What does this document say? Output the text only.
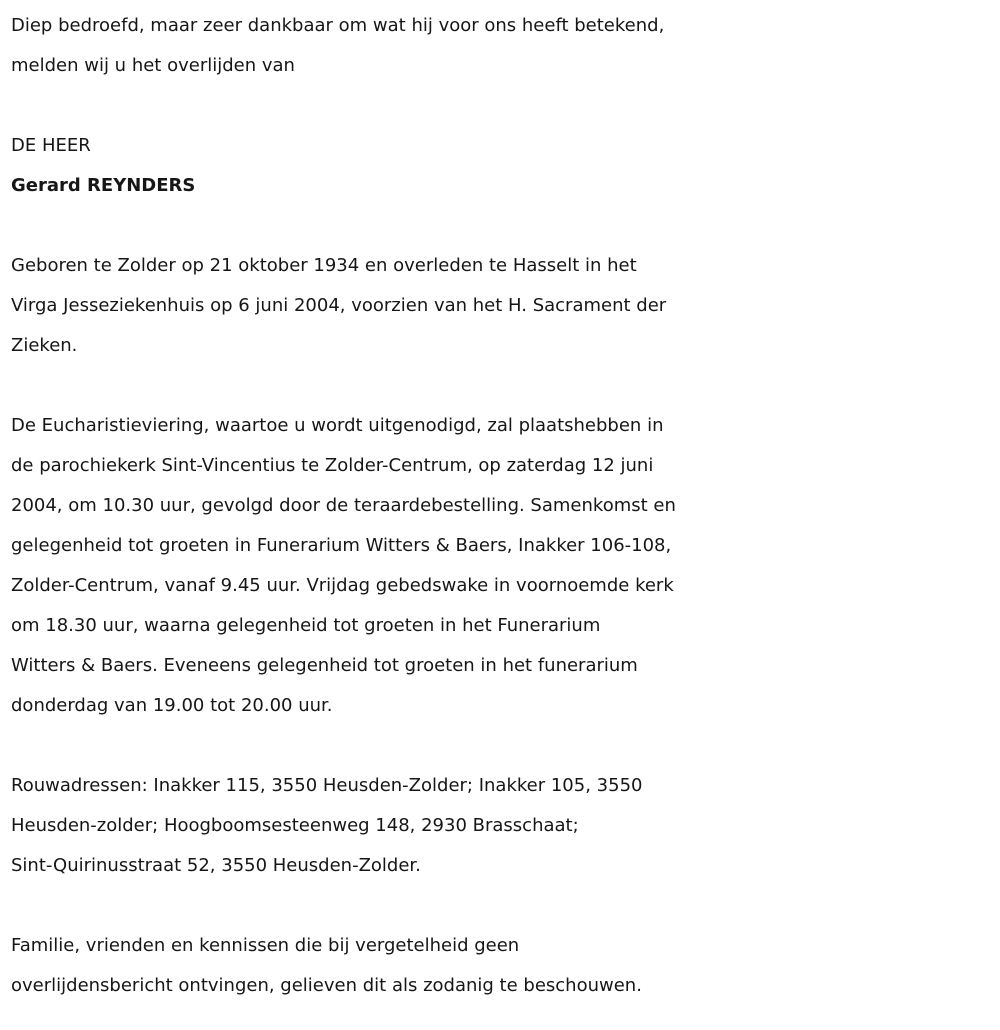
Diep bedroefd, maar zeer dankbaar om wat hij voor ons heeft betekend,
melden wij u het overlijden van

DE HEER
Gerard REYNDERS

Geboren te Zolder op 21 oktober 1934 en overleden te Hasselt in het
Virga Jesseziekenhuis op 6 juni 2004, voorzien van het H. Sacrament der
Zieken.

De Eucharistieviering, waartoe u wordt uitgenodigd, zal plaatshebben in
de parochiekerk Sint-Vincentius te Zolder-Centrum, op zaterdag 12 juni
2004, om 10.30 uur, gevolgd door de teraardebestelling. Samenkomst en
gelegenheid tot groeten in Funerarium Witters & Baers, Inakker 106-108,
Zolder-Centrum, vanaf 9.45 uur. Vrijdag gebedswake in voornoemde kerk
om 18.30 uur, waarna gelegenheid tot groeten in het Funerarium
Witters & Baers. Eveneens gelegenheid tot groeten in het funerarium
donderdag van 19.00 tot 20.00 uur.

Rouwadressen: Inakker 115, 3550 Heusden-Zolder; Inakker 105, 3550
Heusden-zolder; Hoogboomsesteenweg 148, 2930 Brasschaat;
Sint-Quirinusstraat 52, 3550 Heusden-Zolder.

Familie, vrienden en kennissen die bij vergetelheid geen
overlijdensbericht ontvingen, gelieven dit als zodanig te beschouwen.
